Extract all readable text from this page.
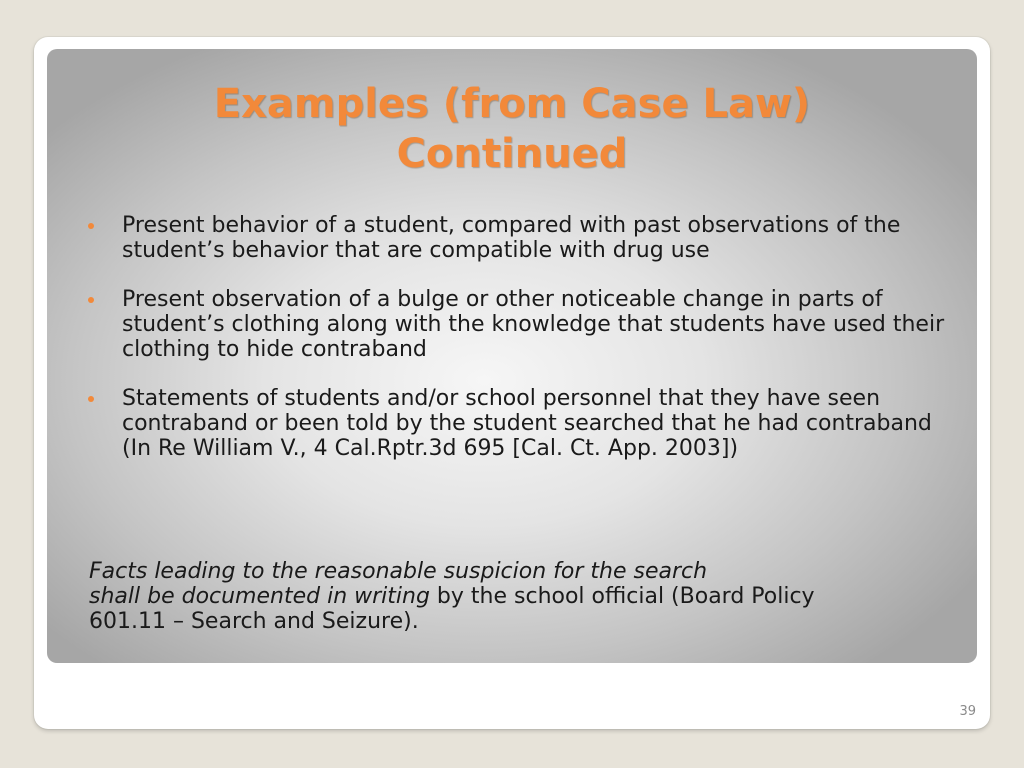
Examples (from Case Law)
Continued
Present behavior of a student, compared with past observations of the student’s behavior that are compatible with drug use
Present observation of a bulge or other noticeable change in parts of student’s clothing along with the knowledge that students have used their clothing to hide contraband
Statements of students and/or school personnel that they have seen contraband or been told by the student searched that he had contraband (In Re William V., 4 Cal.Rptr.3d 695 [Cal. Ct. App. 2003])
Facts leading to the reasonable suspicion for the search
shall be documented in writing by the school official (Board Policy 601.11 – Search and Seizure).
39
